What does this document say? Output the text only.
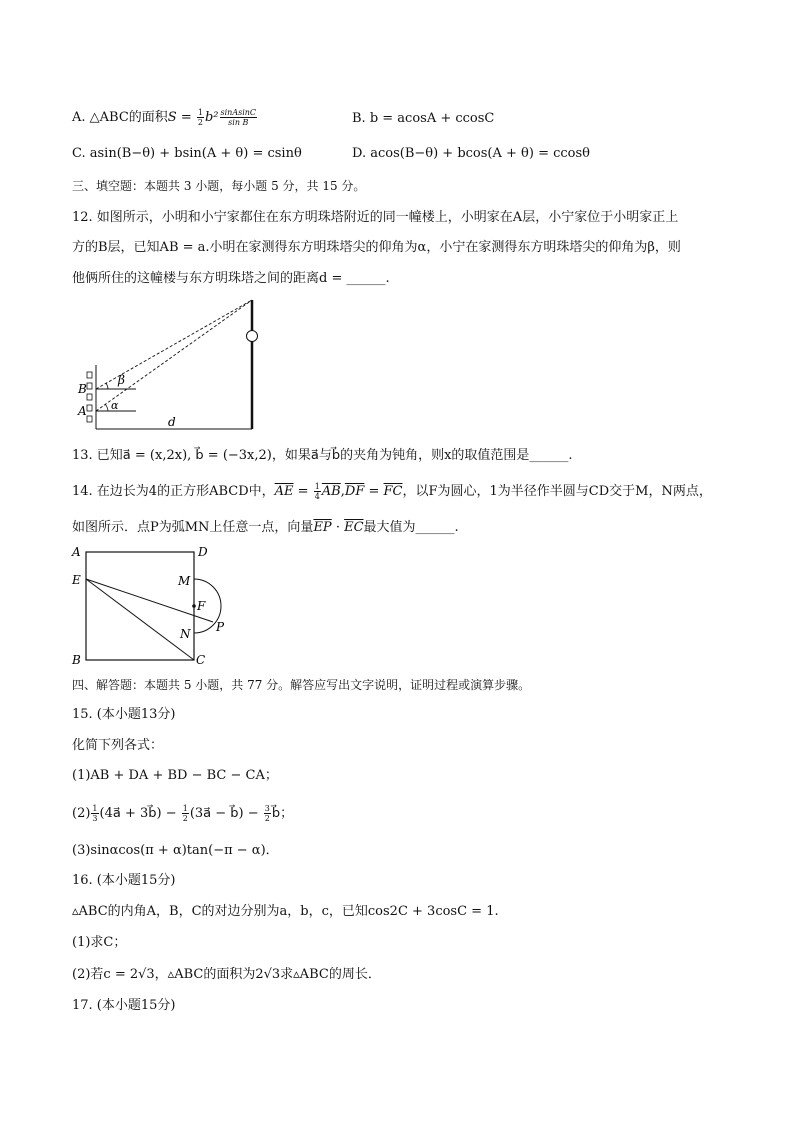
A. △ABC的面积$S = \frac{1}{2} b^2 \frac{\text{sinAsinC}}{\text{sin B}}$	B. b = acosA + ccosC
C. asin(B−θ) + bsin(A + θ) = csinθ	D. acos(B−θ) + bcos(A + θ) = ccosθ
三、填空题：本题共 3 小题，每小题 5 分，共 15 分。
12. 如图所示，小明和小宁家都住在东方明珠塔附近的同一幢楼上，小明家在A层，小宁家位于小明家正上
方的B层，已知AB = a.小明在家测得东方明珠塔尖的仰角为α，小宁在家测得东方明珠塔尖的仰角为β，则
他俩所住的这幢楼与东方明珠塔之间的距离d = ______.
B
A
β
α
d
13. 已知a⃗ = (x,2x), b⃗ = (−3x,2)，如果a⃗与b⃗的夹角为钝角，则x的取值范围是______.
14. 在边长为4的正方形ABCD中，$\overline{AE} = \frac{1}{4} \overline{AB},\overline{DF} = \overline{FC}$，以F为圆心，1为半径作半圆与CD交于M，N两点，
如图所示．点P为弧MN上任意一点，向量$\overline{EP} \cdot \overline{EC}$最大值为______.
A	D
E	M
F
N P
B	C
四、解答题：本题共 5 小题，共 77 分。解答应写出文字说明，证明过程或演算步骤。
15. (本小题13分)
化简下列各式：
(1)AB + DA + BD − BC − CA；
$(2) \frac{1}{3}$ (4a⃗ + 3b⃗) − $\frac{1}{2}$ (3a⃗ − b⃗) − $\frac{3}{2}$ b⃗；
(3)sinαcos(π + α)tan(−π − α)．
16. (本小题15分)
▵ABC的内角A，B，C的对边分别为a，b，c，已知cos2C + 3cosC = 1.
(1)求C；
(2)若c = 2√3，▵ABC的面积为2√3求▵ABC的周长．
17. (本小题15分)
